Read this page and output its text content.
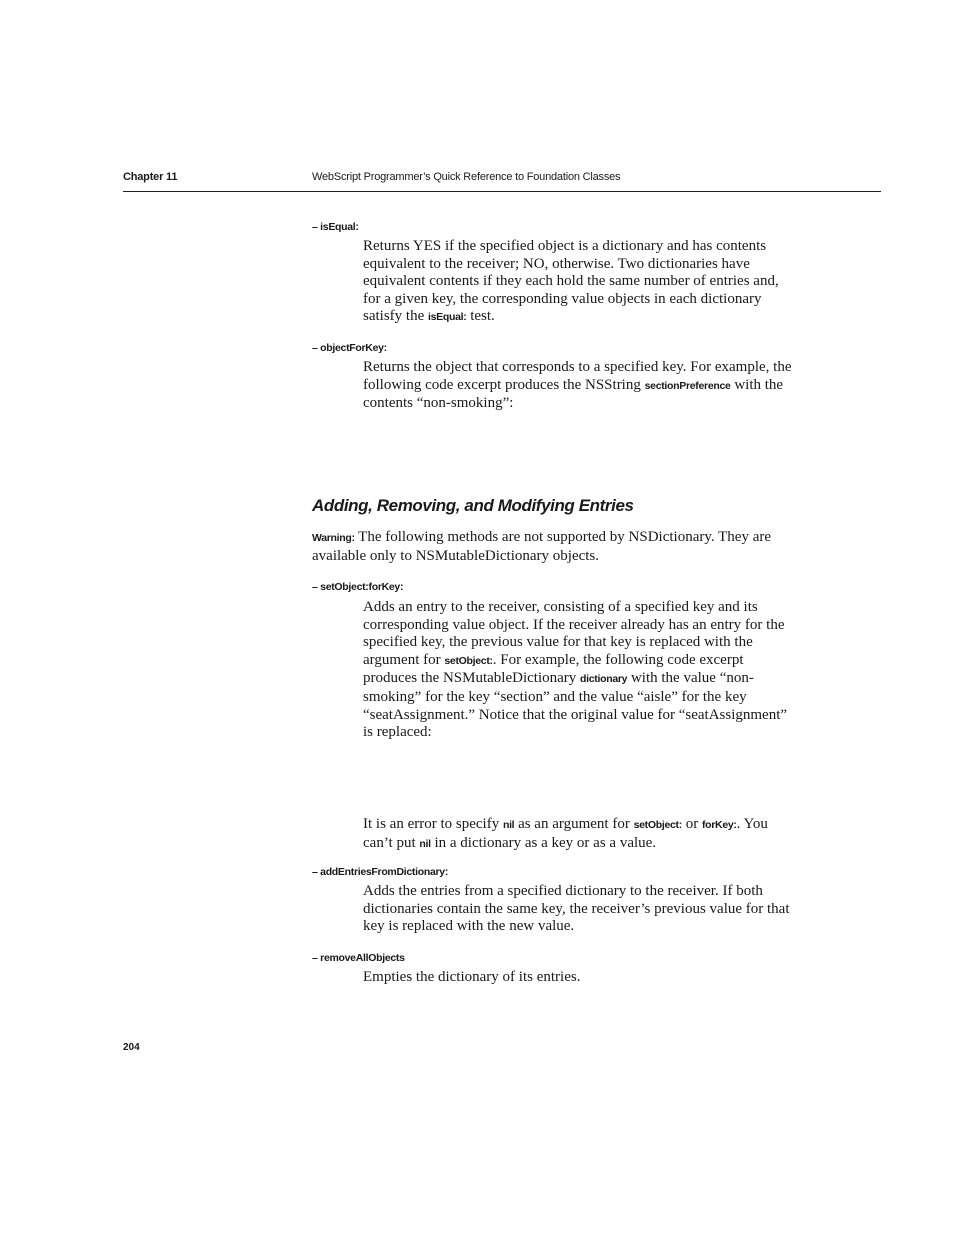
Chapter 11	WebScript Programmer’s Quick Reference to Foundation Classes
– isEqual:
Returns YES if the specified object is a dictionary and has contents equivalent to the receiver; NO, otherwise. Two dictionaries have equivalent contents if they each hold the same number of entries and, for a given key, the corresponding value objects in each dictionary satisfy the isEqual: test.
– objectForKey:
Returns the object that corresponds to a specified key. For example, the following code excerpt produces the NSString sectionPreference with the contents “non-smoking”:
Adding, Removing, and Modifying Entries
Warning: The following methods are not supported by NSDictionary. They are available only to NSMutableDictionary objects.
– setObject:forKey:
Adds an entry to the receiver, consisting of a specified key and its corresponding value object. If the receiver already has an entry for the specified key, the previous value for that key is replaced with the argument for setObject:. For example, the following code excerpt produces the NSMutableDictionary dictionary with the value “non-smoking” for the key “section” and the value “aisle” for the key “seatAssignment.” Notice that the original value for “seatAssignment” is replaced:
It is an error to specify nil as an argument for setObject: or forKey:. You can’t put nil in a dictionary as a key or as a value.
– addEntriesFromDictionary:
Adds the entries from a specified dictionary to the receiver. If both dictionaries contain the same key, the receiver’s previous value for that key is replaced with the new value.
– removeAllObjects
Empties the dictionary of its entries.
204
